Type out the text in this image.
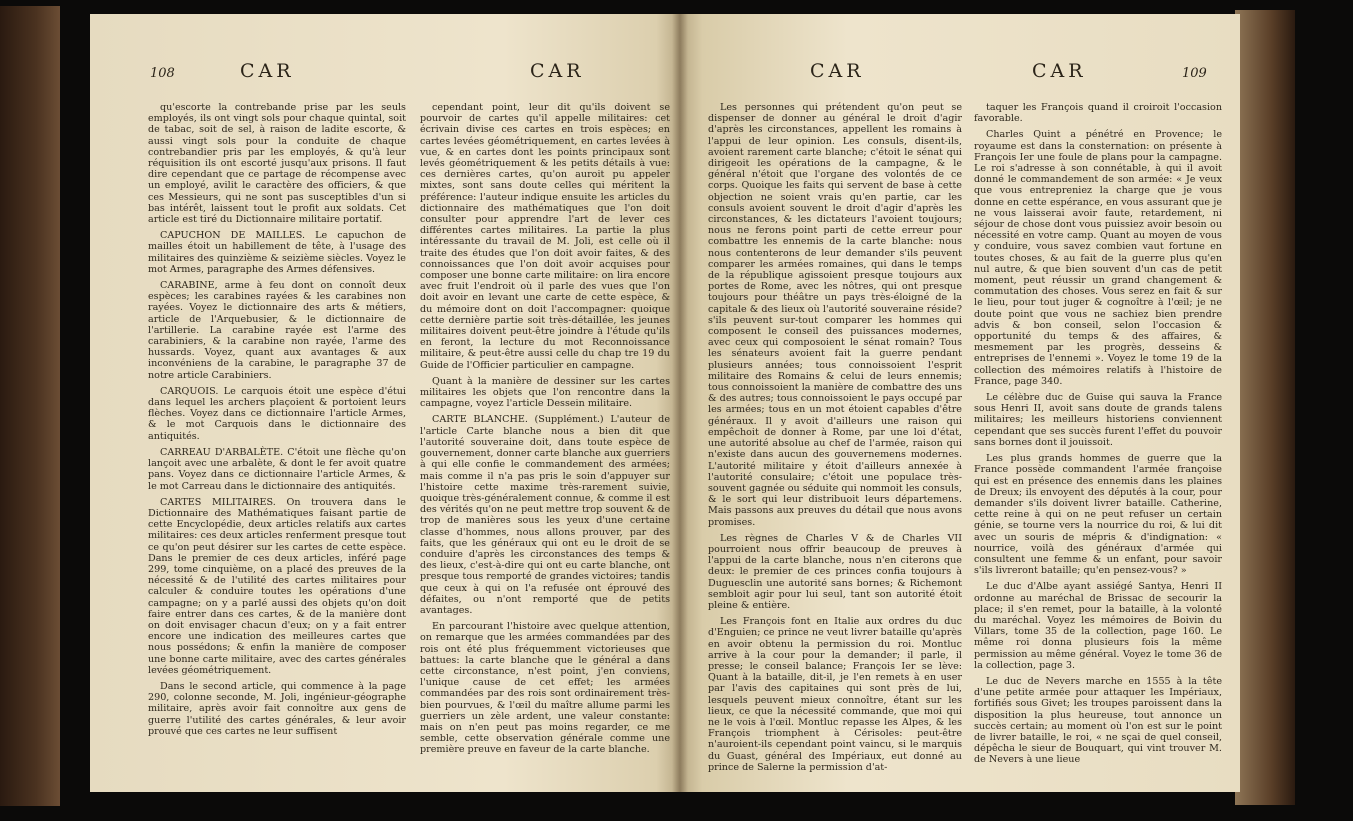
108	CAR	CAR

qu'escorte la contrebande prise par les seuls employés, ils ont vingt sols pour chaque quintal, soit de tabac, soit de sel, à raison de ladite escorte, & aussi vingt sols pour la conduite de chaque contrebandier pris par les employés, & qu'à leur réquisition ils ont escorté jusqu'aux prisons. Il faut dire cependant que ce partage de récompense avec un employé, avilit le caractère des officiers, & que ces Messieurs, qui ne sont pas susceptibles d'un si bas intérêt, laissent tout le profit aux soldats. Cet article est tiré du Dictionnaire militaire portatif.

CAPUCHON DE MAILLES. Le capuchon de mailles étoit un habillement de tête, à l'usage des militaires des quinzième & seizième siècles. Voyez le mot Armes, paragraphe des Armes défensives.

CARABINE, arme à feu dont on connoît deux espèces; les carabines rayées & les carabines non rayées. Voyez le dictionnaire des arts & métiers, article de l'Arquebusier, & le dictionnaire de l'artillerie. La carabine rayée est l'arme des carabiniers, & la carabine non rayée, l'arme des hussards. Voyez, quant aux avantages & aux inconvéniens de la carabine, le paragraphe 37 de notre article Carabiniers.

CARQUOIS. Le carquois étoit une espèce d'étui dans lequel les archers plaçoient & portoient leurs flèches. Voyez dans ce dictionnaire l'article Armes, & le mot Carquois dans le dictionnaire des antiquités.

CARREAU D'ARBALÈTE. C'étoit une flèche qu'on lançoit avec une arbalète, & dont le fer avoit quatre pans. Voyez dans ce dictionnaire l'article Armes, & le mot Carreau dans le dictionnaire des antiquités.

CARTES MILITAIRES. On trouvera dans le Dictionnaire des Mathématiques faisant partie de cette Encyclopédie, deux articles relatifs aux cartes militaires: ces deux articles renferment presque tout ce qu'on peut désirer sur les cartes de cette espèce. Dans le premier de ces deux articles, inféré page 299, tome cinquième, on a placé des preuves de la nécessité & de l'utilité des cartes militaires pour calculer & conduire toutes les opérations d'une campagne; on y a parlé aussi des objets qu'on doit faire entrer dans ces cartes, & de la manière dont on doit envisager chacun d'eux; on y a fait entrer encore une indication des meilleures cartes que nous possédons; & enfin la manière de composer une bonne carte militaire, avec des cartes générales levées géométriquement.

Dans le second article, qui commence à la page 290, colonne seconde, M. Joli, ingénieur-géographe militaire, après avoir fait connoître aux gens de guerre l'utilité des cartes générales, & leur avoir prouvé que ces cartes ne leur suffisent

cependant point, leur dit qu'ils doivent se pourvoir de cartes qu'il appelle militaires: cet écrivain divise ces cartes en trois espèces; en cartes levées géométriquement, en cartes levées à vue, & en cartes dont les points principaux sont levés géométriquement & les petits détails à vue: ces dernières cartes, qu'on auroit pu appeler mixtes, sont sans doute celles qui méritent la préférence: l'auteur indique ensuite les articles du dictionnaire des mathématiques que l'on doit consulter pour apprendre l'art de lever ces différentes cartes militaires. La partie la plus intéressante du travail de M. Joli, est celle où il traite des études que l'on doit avoir faites, & des connoissances que l'on doit avoir acquises pour composer une bonne carte militaire: on lira encore avec fruit l'endroit où il parle des vues que l'on doit avoir en levant une carte de cette espèce, & du mémoire dont on doit l'accompagner: quoique cette dernière partie soit très-détaillée, les jeunes militaires doivent peut-être joindre à l'étude qu'ils en feront, la lecture du mot Reconnoissance militaire, & peut-être aussi celle du chap tre 19 du Guide de l'Officier particulier en campagne.

Quant à la manière de dessiner sur les cartes militaires les objets que l'on rencontre dans la campagne, voyez l'article Dessein militaire.

CARTE BLANCHE. (Supplément.) L'auteur de l'article Carte blanche nous a bien dit que l'autorité souveraine doit, dans toute espèce de gouvernement, donner carte blanche aux guerriers à qui elle confie le commandement des armées; mais comme il n'a pas pris le soin d'appuyer sur l'histoire cette maxime très-rarement suivie, quoique très-généralement connue, & comme il est des vérités qu'on ne peut mettre trop souvent & de trop de manières sous les yeux d'une certaine classe d'hommes, nous allons prouver, par des faits, que les généraux qui ont eu le droit de se conduire d'après les circonstances des temps & des lieux, c'est-à-dire qui ont eu carte blanche, ont presque tous remporté de grandes victoires; tandis que ceux à qui on l'a refusée ont éprouvé des défaites, ou n'ont remporté que de petits avantages.

En parcourant l'histoire avec quelque attention, on remarque que les armées commandées par des rois ont été plus fréquemment victorieuses que battues: la carte blanche que le général a dans cette circonstance, n'est point, j'en conviens, l'unique cause de cet effet; les armées commandées par des rois sont ordinairement très-bien pourvues, & l'œil du maître allume parmi les guerriers un zèle ardent, une valeur constante: mais on n'en peut pas moins regarder, ce me semble, cette observation générale comme une première preuve en faveur de la carte blanche.

CAR	CAR	109

Les personnes qui prétendent qu'on peut se dispenser de donner au général le droit d'agir d'après les circonstances, appellent les romains à l'appui de leur opinion. Les consuls, disent-ils, avoient rarement carte blanche; c'étoit le sénat qui dirigeoit les opérations de la campagne, & le général n'étoit que l'organe des volontés de ce corps. Quoique les faits qui servent de base à cette objection ne soient vrais qu'en partie, car les consuls avoient souvent le droit d'agir d'après les circonstances, & les dictateurs l'avoient toujours; nous ne ferons point parti de cette erreur pour combattre les ennemis de la carte blanche: nous nous contenterons de leur demander s'ils peuvent comparer les armées romaines, qui dans le temps de la république agissoient presque toujours aux portes de Rome, avec les nôtres, qui ont presque toujours pour théâtre un pays très-éloigné de la capitale & des lieux où l'autorité souveraine réside? s'ils peuvent sur-tout comparer les hommes qui composent le conseil des puissances modernes, avec ceux qui composoient le sénat romain? Tous les sénateurs avoient fait la guerre pendant plusieurs années; tous connoissoient l'esprit militaire des Romains & celui de leurs ennemis; tous connoissoient la manière de combattre des uns & des autres; tous connoissoient le pays occupé par les armées; tous en un mot étoient capables d'être généraux. Il y avoit d'ailleurs une raison qui empêchoit de donner à Rome, par une loi d'état, une autorité absolue au chef de l'armée, raison qui n'existe dans aucun des gouvernemens modernes. L'autorité militaire y étoit d'ailleurs annexée à l'autorité consulaire; c'étoit une populace très-souvent gagnée ou séduite qui nommoit les consuls, & le sort qui leur distribuoit leurs départemens. Mais passons aux preuves du détail que nous avons promises.

Les règnes de Charles V & de Charles VII pourroient nous offrir beaucoup de preuves à l'appui de la carte blanche, nous n'en citerons que deux: le premier de ces princes confia toujours à Duguesclin une autorité sans bornes; & Richemont sembloit agir pour lui seul, tant son autorité étoit pleine & entière.

Les François font en Italie aux ordres du duc d'Enguien; ce prince ne veut livrer bataille qu'après en avoir obtenu la permission du roi. Montluc arrive à la cour pour la demander; il parle, il presse; le conseil balance; François Ier se lève: Quant à la bataille, dit-il, je l'en remets à en user par l'avis des capitaines qui sont près de lui, lesquels peuvent mieux connoître, étant sur les lieux, ce que la nécessité commande, que moi qui ne le vois à l'œil. Montluc repasse les Alpes, & les François triomphent à Cérisoles: peut-être n'auroient-ils cependant point vaincu, si le marquis du Guast, général des Impériaux, eut donné au prince de Salerne la permission d'at-

taquer les François quand il croiroit l'occasion favorable.

Charles Quint a pénétré en Provence; le royaume est dans la consternation: on présente à François Ier une foule de plans pour la campagne. Le roi s'adresse à son connétable, à qui il avoit donné le commandement de son armée: « Je veux que vous entrepreniez la charge que je vous donne en cette espérance, en vous assurant que je ne vous laisserai avoir faute, retardement, ni séjour de chose dont vous puissiez avoir besoin ou nécessité en votre camp. Quant au moyen de vous y conduire, vous savez combien vaut fortune en toutes choses, & au fait de la guerre plus qu'en nul autre, & que bien souvent d'un cas de petit moment, peut réussir un grand changement & commutation des choses. Vous serez en fait & sur le lieu, pour tout juger & cognoître à l'œil; je ne doute point que vous ne sachiez bien prendre advis & bon conseil, selon l'occasion & opportunité du temps & des affaires, & mesmement par les progrès, desseins & entreprises de l'ennemi ». Voyez le tome 19 de la collection des mémoires relatifs à l'histoire de France, page 340.

Le célèbre duc de Guise qui sauva la France sous Henri II, avoit sans doute de grands talens militaires; les meilleurs historiens conviennent cependant que ses succès furent l'effet du pouvoir sans bornes dont il jouissoit.

Les plus grands hommes de guerre que la France possède commandent l'armée françoise qui est en présence des ennemis dans les plaines de Dreux; ils envoyent des députés à la cour, pour demander s'ils doivent livrer bataille. Catherine, cette reine à qui on ne peut refuser un certain génie, se tourne vers la nourrice du roi, & lui dit avec un souris de mépris & d'indignation: « nourrice, voilà des généraux d'armée qui consultent une femme & un enfant, pour savoir s'ils livreront bataille; qu'en pensez-vous? »

Le duc d'Albe ayant assiégé Santya, Henri II ordonne au maréchal de Brissac de secourir la place; il s'en remet, pour la bataille, à la volonté du maréchal. Voyez les mémoires de Boivin du Villars, tome 35 de la collection, page 160. Le même roi donna plusieurs fois la même permission au même général. Voyez le tome 36 de la collection, page 3.

Le duc de Nevers marche en 1555 à la tête d'une petite armée pour attaquer les Impériaux, fortifiés sous Givet; les troupes paroissent dans la disposition la plus heureuse, tout annonce un succès certain; au moment où l'on est sur le point de livrer bataille, le roi, « ne sçai de quel conseil, dépêcha le sieur de Bouquart, qui vint trouver M. de Nevers à une lieue
